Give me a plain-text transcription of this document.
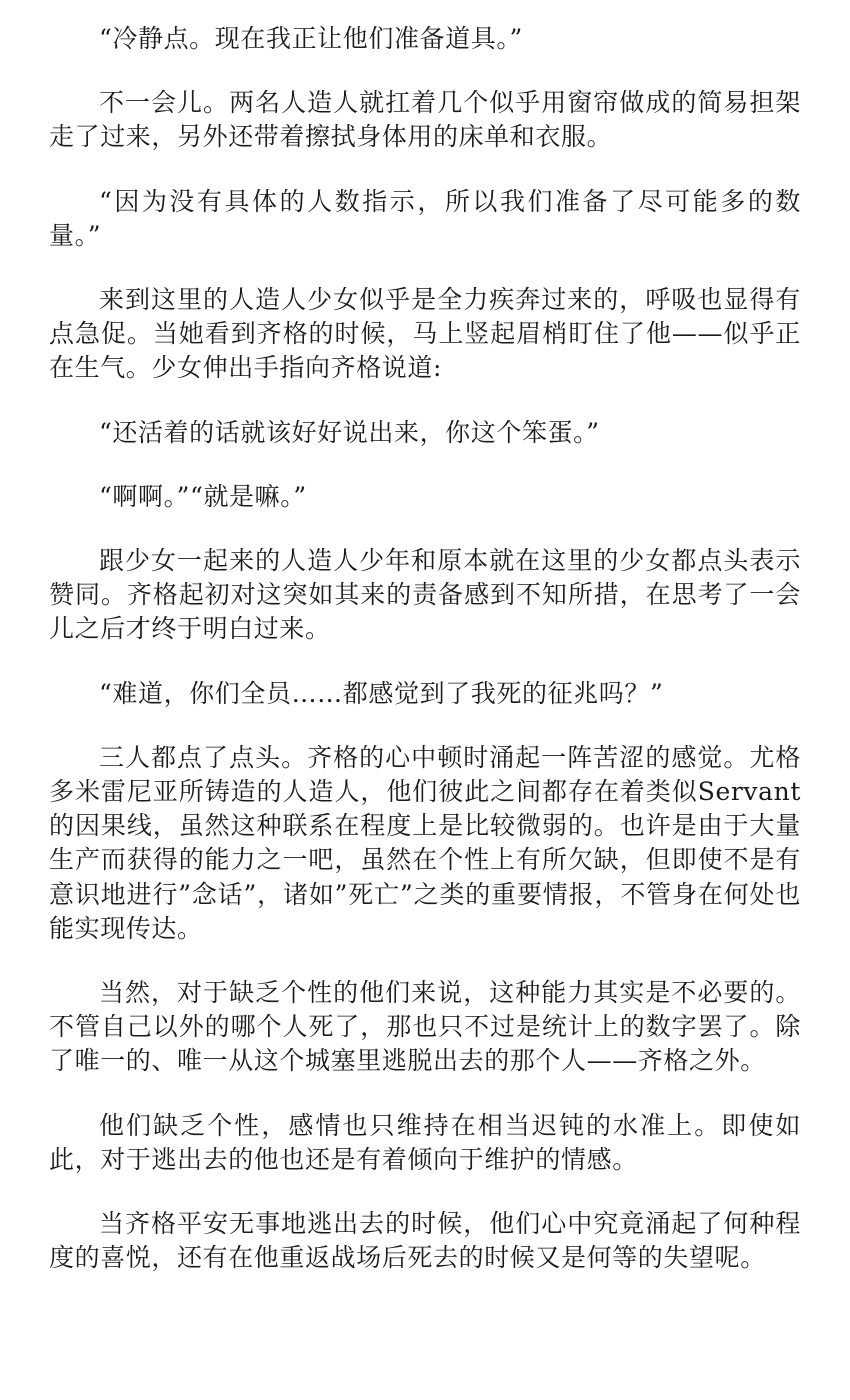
“冷静点。现在我正让他们准备道具。”

不一会儿。两名人造人就扛着几个似乎用窗帘做成的简易担架走了过来，另外还带着擦拭身体用的床单和衣服。

“因为没有具体的人数指示，所以我们准备了尽可能多的数量。”

来到这里的人造人少女似乎是全力疾奔过来的，呼吸也显得有点急促。当她看到齐格的时候，马上竖起眉梢盯住了他——似乎正在生气。少女伸出手指向齐格说道:

“还活着的话就该好好说出来，你这个笨蛋。”

“啊啊。”“就是嘛。”

跟少女一起来的人造人少年和原本就在这里的少女都点头表示赞同。齐格起初对这突如其来的责备感到不知所措，在思考了一会儿之后才终于明白过来。

“难道，你们全员……都感觉到了我死的征兆吗？”

三人都点了点头。齐格的心中顿时涌起一阵苦涩的感觉。尤格多米雷尼亚所铸造的人造人，他们彼此之间都存在着类似Servant的因果线，虽然这种联系在程度上是比较微弱的。也许是由于大量生产而获得的能力之一吧，虽然在个性上有所欠缺，但即使不是有意识地进行”念话”，诸如”死亡”之类的重要情报，不管身在何处也能实现传达。

当然，对于缺乏个性的他们来说，这种能力其实是不必要的。不管自己以外的哪个人死了，那也只不过是统计上的数字罢了。除了唯一的、唯一从这个城塞里逃脱出去的那个人——齐格之外。

他们缺乏个性，感情也只维持在相当迟钝的水准上。即使如此，对于逃出去的他也还是有着倾向于维护的情感。

当齐格平安无事地逃出去的时候，他们心中究竟涌起了何种程度的喜悦，还有在他重返战场后死去的时候又是何等的失望呢。
